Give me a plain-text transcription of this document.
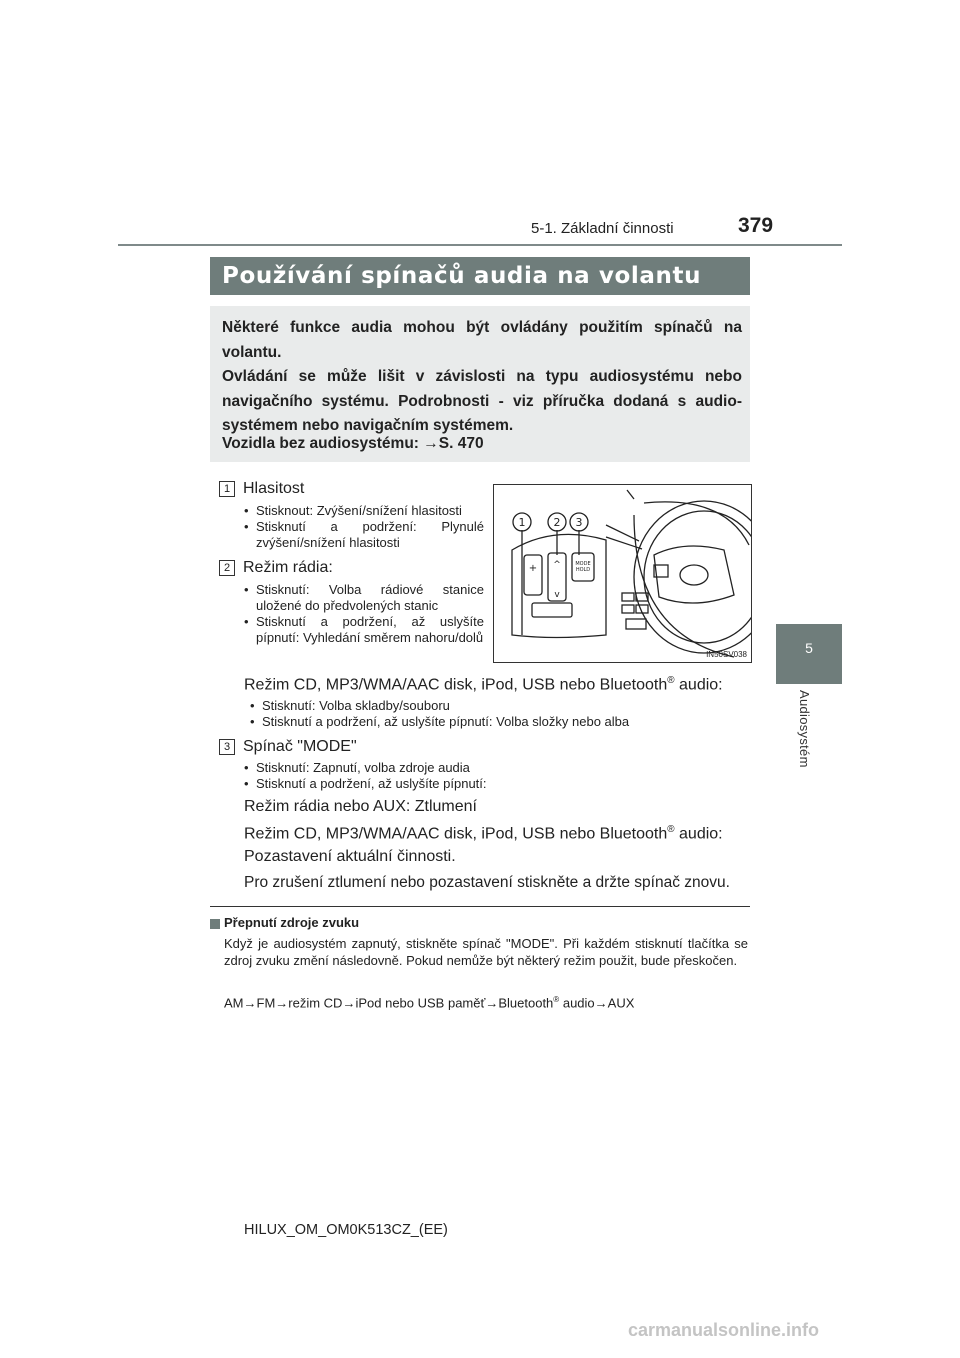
5-1. Základní činnosti	379
5
Audiosystém
Používání spínačů audia na volantu

Některé funkce audia mohou být ovládány použitím spínačů na volantu.

Ovládání se může lišit v závislosti na typu audiosystému nebo navigačního systému. Podrobnosti - viz příručka dodaná s audio-systémem nebo navigačním systémem.

Vozidla bez audiosystému: →S. 470
1 Hlasitost
• Stisknout: Zvýšení/snížení hlasitosti
• Stisknutí a podržení: Plynulé zvýšení/snížení hlasitosti
2 Režim rádia:
• Stisknutí: Volba rádiové stanice uložené do předvolených stanic
• Stisknutí a podržení, až uslyšíte pípnutí: Vyhledání směrem nahoru/dolů
1	2 3
+ ^
v
MODE
HOLD
IN50SV038
Režim CD, MP3/WMA/AAC disk, iPod, USB nebo Bluetooth® audio:
• Stisknutí: Volba skladby/souboru
• Stisknutí a podržení, až uslyšíte pípnutí: Volba složky nebo alba
3 Spínač "MODE"
• Stisknutí: Zapnutí, volba zdroje audia
• Stisknutí a podržení, až uslyšíte pípnutí:
Režim rádia nebo AUX: Ztlumení
Režim CD, MP3/WMA/AAC disk, iPod, USB nebo Bluetooth® audio:
Pozastavení aktuální činnosti.
Pro zrušení ztlumení nebo pozastavení stiskněte a držte spínač znovu.
Přepnutí zdroje zvuku
Když je audiosystém zapnutý, stiskněte spínač "MODE". Při každém stisknutí tlačítka se zdroj zvuku změní následovně. Pokud nemůže být některý režim použit, bude přeskočen.
AM→FM→režim CD→iPod nebo USB paměť→Bluetooth® audio→AUX
HILUX_OM_OM0K513CZ_(EE)
carmanualsonline.info
